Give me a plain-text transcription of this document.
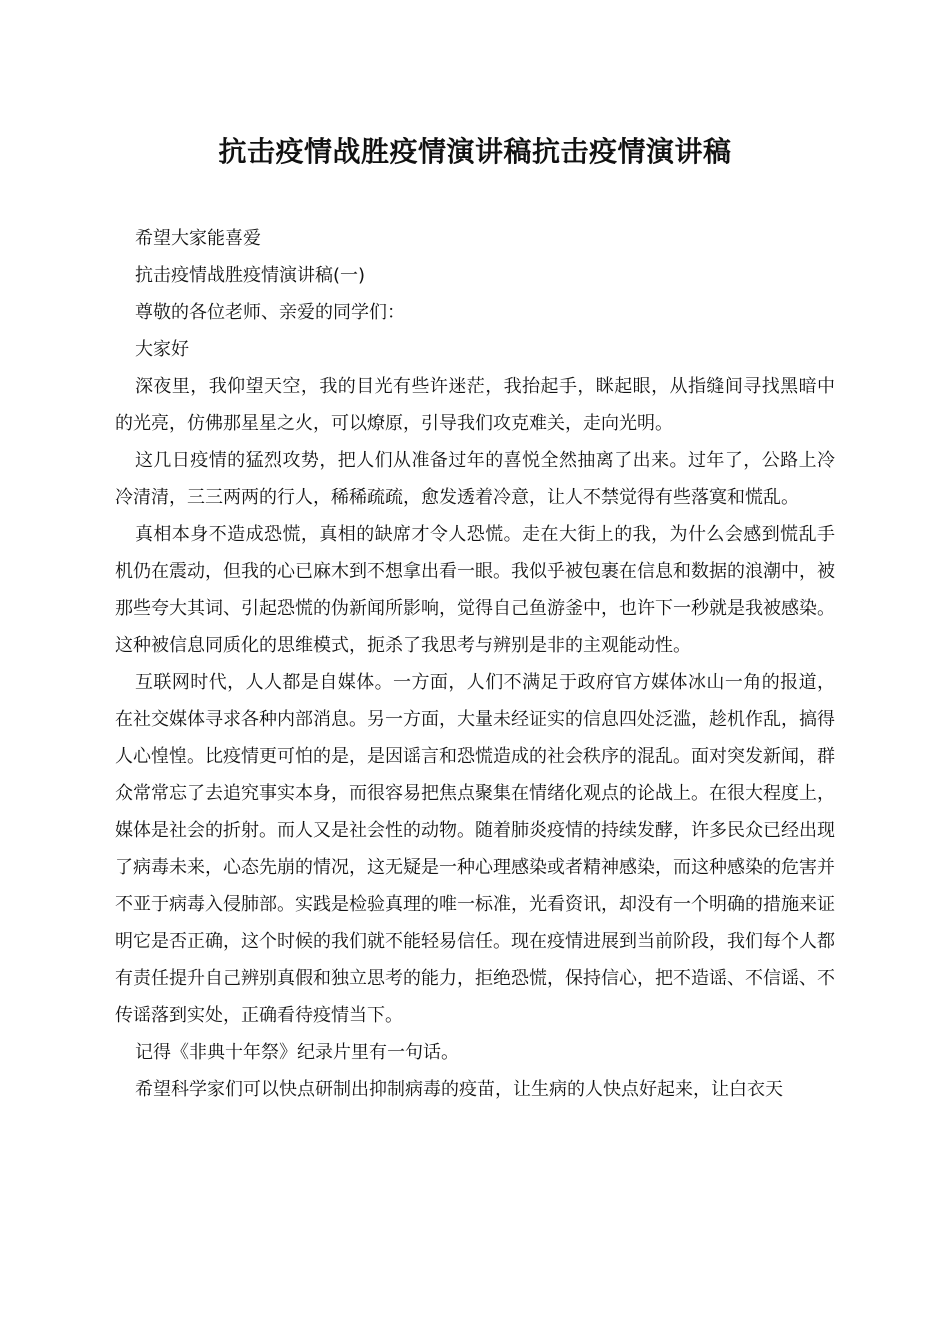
抗击疫情战胜疫情演讲稿抗击疫情演讲稿

希望大家能喜爱

抗击疫情战胜疫情演讲稿(一)

尊敬的各位老师、亲爱的同学们：

大家好

深夜里，我仰望天空，我的目光有些许迷茫，我抬起手，眯起眼，从指缝间寻找黑暗中的光亮，仿佛那星星之火，可以燎原，引导我们攻克难关，走向光明。

这几日疫情的猛烈攻势，把人们从准备过年的喜悦全然抽离了出来。过年了，公路上冷冷清清，三三两两的行人，稀稀疏疏，愈发透着冷意，让人不禁觉得有些落寞和慌乱。

真相本身不造成恐慌，真相的缺席才令人恐慌。走在大街上的我，为什么会感到慌乱手机仍在震动，但我的心已麻木到不想拿出看一眼。我似乎被包裹在信息和数据的浪潮中，被那些夸大其词、引起恐慌的伪新闻所影响，觉得自己鱼游釜中，也许下一秒就是我被感染。这种被信息同质化的思维模式，扼杀了我思考与辨别是非的主观能动性。

互联网时代，人人都是自媒体。一方面，人们不满足于政府官方媒体冰山一角的报道，在社交媒体寻求各种内部消息。另一方面，大量未经证实的信息四处泛滥，趁机作乱，搞得人心惶惶。比疫情更可怕的是，是因谣言和恐慌造成的社会秩序的混乱。面对突发新闻，群众常常忘了去追究事实本身，而很容易把焦点聚集在情绪化观点的论战上。在很大程度上，媒体是社会的折射。而人又是社会性的动物。随着肺炎疫情的持续发酵，许多民众已经出现了病毒未来，心态先崩的情况，这无疑是一种心理感染或者精神感染，而这种感染的危害并不亚于病毒入侵肺部。实践是检验真理的唯一标准，光看资讯，却没有一个明确的措施来证明它是否正确，这个时候的我们就不能轻易信任。现在疫情进展到当前阶段，我们每个人都有责任提升自己辨别真假和独立思考的能力，拒绝恐慌，保持信心，把不造谣、不信谣、不传谣落到实处，正确看待疫情当下。

记得《非典十年祭》纪录片里有一句话。

希望科学家们可以快点研制出抑制病毒的疫苗，让生病的人快点好起来，让白衣天
